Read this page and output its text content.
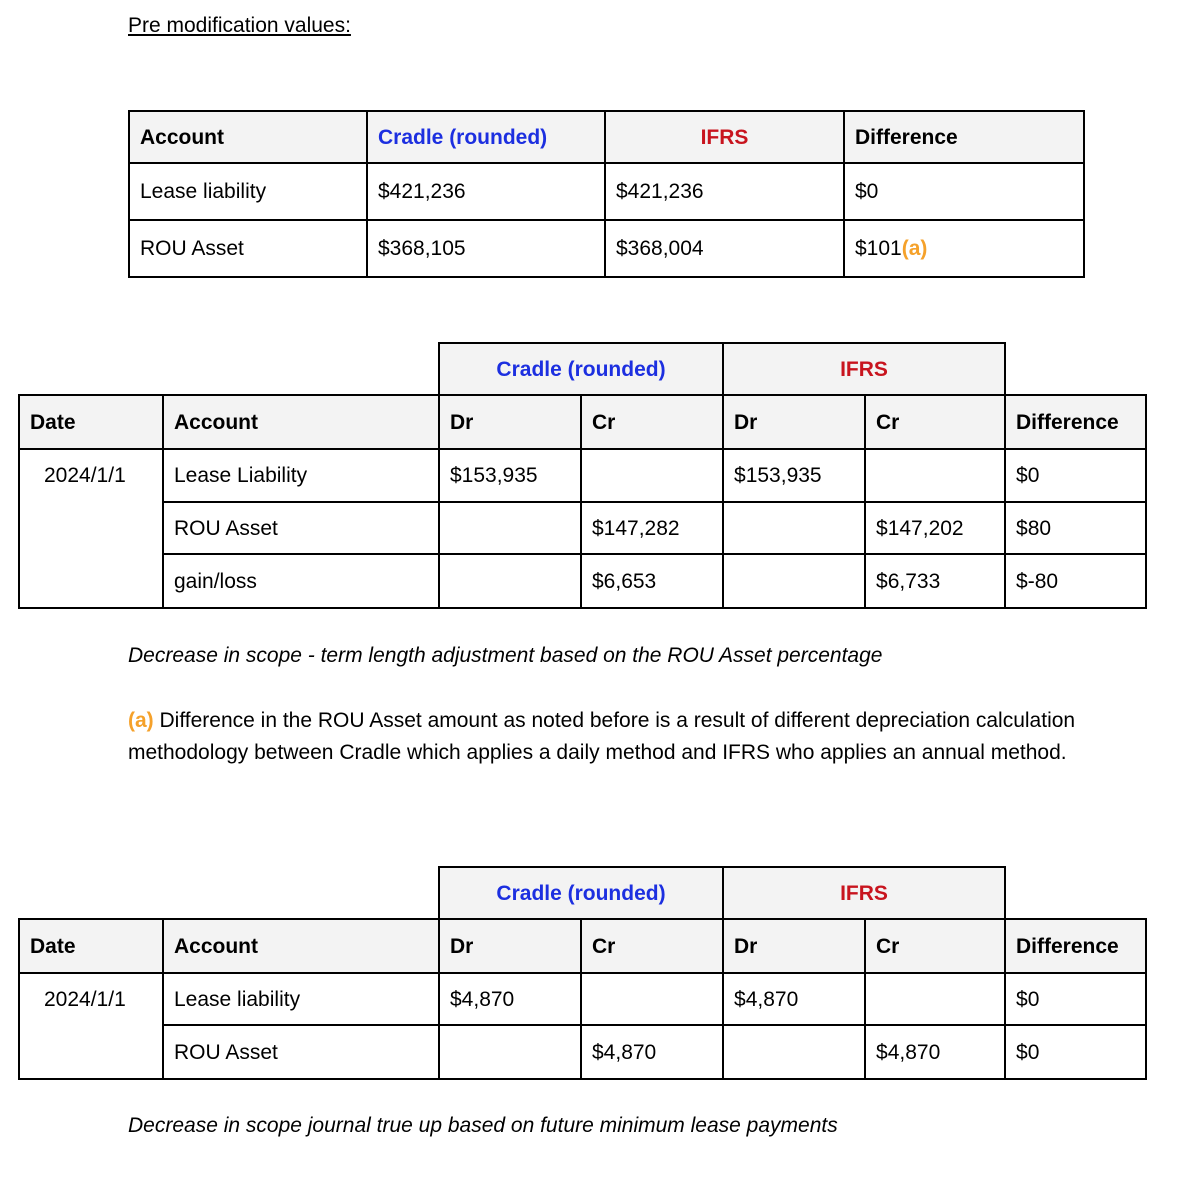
Pre modification values:
Account	Cradle (rounded)	IFRS	Difference
Lease liability	$421,236	$421,236	$0
ROU Asset	$368,105	$368,004	$101(a)
		Cradle (rounded)		IFRS		
Date	Account	Dr	Cr	Dr	Cr	Difference
2024/1/1	Lease Liability	$153,935		$153,935		$0
	ROU Asset		$147,282		$147,202	$80
	gain/loss		$6,653		$6,733	$-80
Decrease in scope - term length adjustment based on the ROU Asset percentage
(a) Difference in the ROU Asset amount as noted before is a result of different depreciation calculation methodology between Cradle which applies a daily method and IFRS who applies an annual method.
		Cradle (rounded)		IFRS		
Date	Account	Dr	Cr	Dr	Cr	Difference
2024/1/1	Lease liability	$4,870		$4,870		$0
	ROU Asset		$4,870		$4,870	$0
Decrease in scope journal true up based on future minimum lease payments
